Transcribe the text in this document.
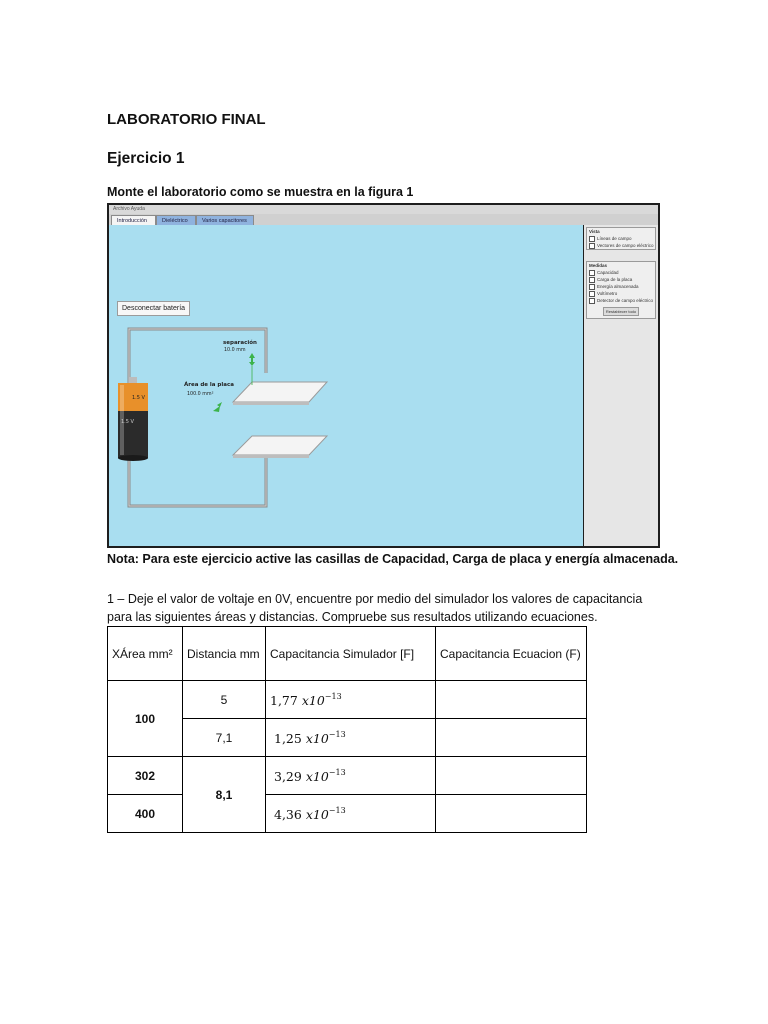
LABORATORIO FINAL
Ejercicio 1
Monte el laboratorio como se muestra en la figura 1
Archivo Ayuda
Introducción	Dieléctrico	Varios capacitores
Desconectar batería
1.5 V
1.5 V
separación
10.0 mm
Área de la placa
100.0 mm²
Vista
Líneas de campo
Vectores de campo eléctrico
Medidas
Capacidad
Carga de la placa
Energía almacenada
Voltímetro
Detector de campo eléctrico
Restablecer todo
Nota: Para este ejercicio active las casillas de Capacidad, Carga de placa y energía almacenada.
1 – Deje el valor de voltaje en 0V, encuentre por medio del simulador los valores de capacitancia para las siguientes áreas y distancias. Compruebe sus resultados utilizando ecuaciones.
XÁrea mm²	Distancia mm	Capacitancia Simulador [F]	Capacitancia Ecuacion (F)
100	5	1,77 $x10^{-13}$	
	7,1	1,25 $x10^{-13}$	
302	8,1	3,29 $x10^{-13}$	
400		4,36 $x10^{-13}$	
